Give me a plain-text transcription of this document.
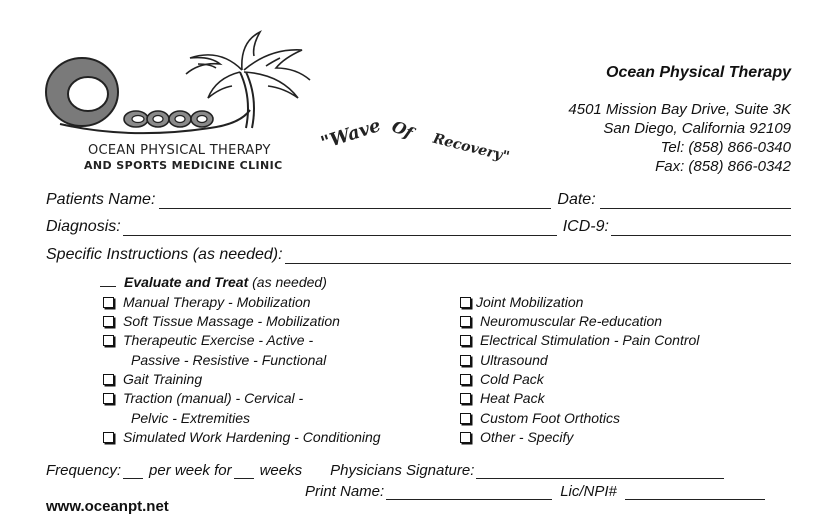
OCEAN PHYSICAL THERAPY
AND SPORTS MEDICINE CLINIC
"Wave Of
Recovery"
Ocean Physical Therapy
4501 Mission Bay Drive, Suite 3K
San Diego, California 92109
Tel: (858) 866-0340
Fax: (858) 866-0342
Patients Name:	Date:
Diagnosis:	ICD-9:
Specific Instructions (as needed):
Evaluate and Treat (as needed)
Manual Therapy - Mobilization
Soft Tissue Massage - Mobilization
Therapeutic Exercise - Active -
Passive - Resistive - Functional
Gait Training
Traction (manual) - Cervical -
Pelvic - Extremities
Simulated Work Hardening - Conditioning
Joint Mobilization
Neuromuscular Re-education
Electrical Stimulation - Pain Control
Ultrasound
Cold Pack
Heat Pack
Custom Foot Orthotics
Other - Specify
Frequency: per week for weeks Physicians Signature:
Print Name:	Lic/NPI#
www.oceanpt.net
